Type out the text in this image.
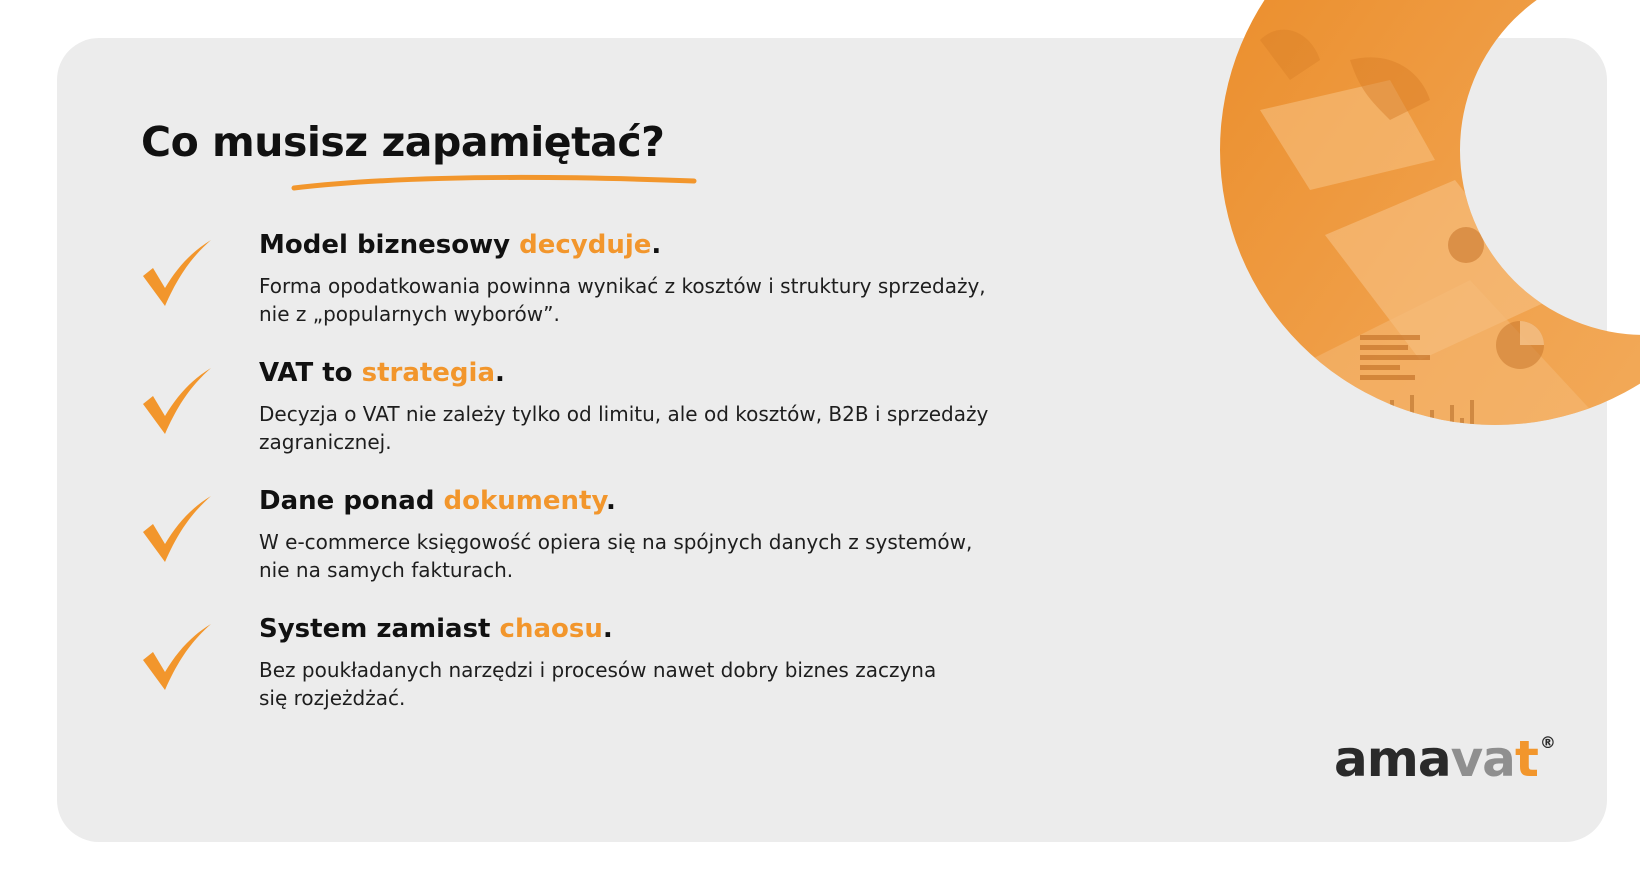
Co musisz zapamiętać?
Model biznesowy decyduje.

Forma opodatkowania powinna wynikać z kosztów i struktury sprzedaży,
nie z „popularnych wyborów”.

VAT to strategia.

Decyzja o VAT nie zależy tylko od limitu, ale od kosztów, B2B i sprzedaży
zagranicznej.

Dane ponad dokumenty.

W e-commerce księgowość opiera się na spójnych danych z systemów,
nie na samych fakturach.

System zamiast chaosu.

Bez poukładanych narzędzi i procesów nawet dobry biznes zaczyna
się rozjeżdżać.

amavat ®
